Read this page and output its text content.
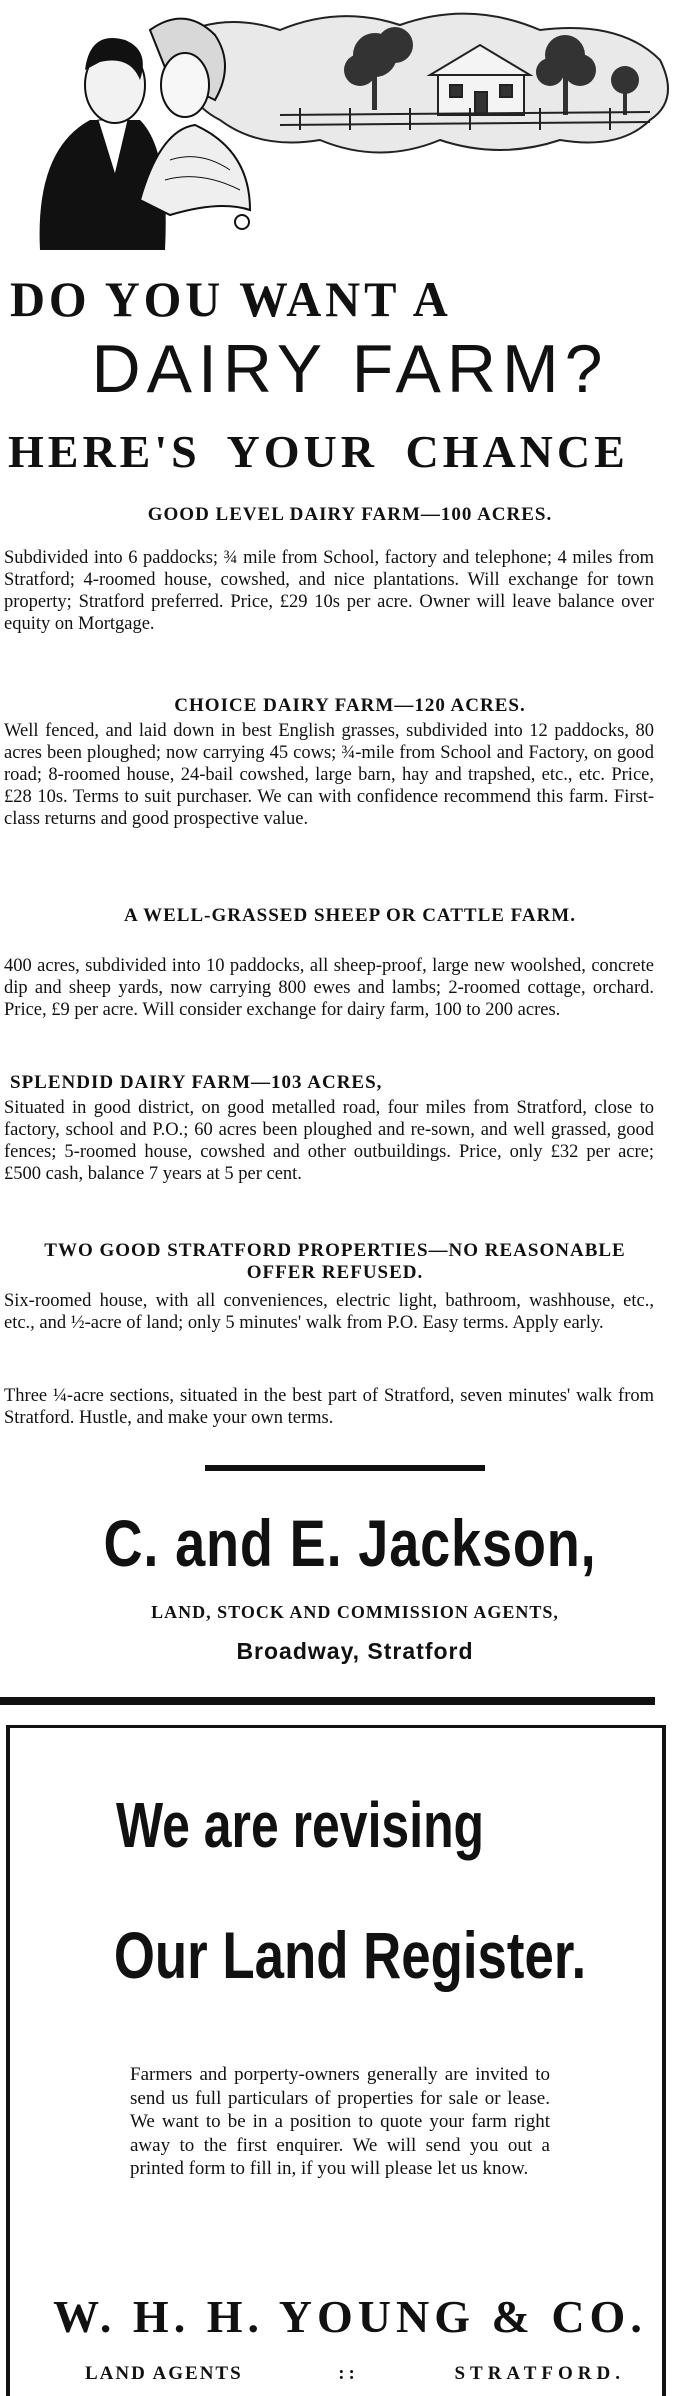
DO YOU WANT A
DAIRY FARM?
HERE'S YOUR CHANCE
GOOD LEVEL DAIRY FARM—100 ACRES.
Subdivided into 6 paddocks; ¾ mile from School, factory and telephone; 4 miles from Stratford; 4-roomed house, cowshed, and nice plantations. Will exchange for town property; Stratford preferred. Price, £29 10s per acre. Owner will leave balance over equity on Mortgage.
CHOICE DAIRY FARM—120 ACRES.
Well fenced, and laid down in best English grasses, subdivided into 12 paddocks, 80 acres been ploughed; now carrying 45 cows; ¾-mile from School and Factory, on good road; 8-roomed house, 24-bail cowshed, large barn, hay and trapshed, etc., etc. Price, £28 10s. Terms to suit purchaser. We can with confidence recommend this farm. First-class returns and good prospective value.
A WELL-GRASSED SHEEP OR CATTLE FARM.
400 acres, subdivided into 10 paddocks, all sheep-proof, large new woolshed, concrete dip and sheep yards, now carrying 800 ewes and lambs; 2-roomed cottage, orchard. Price, £9 per acre. Will consider exchange for dairy farm, 100 to 200 acres.
SPLENDID DAIRY FARM—103 ACRES,
Situated in good district, on good metalled road, four miles from Stratford, close to factory, school and P.O.; 60 acres been ploughed and re-sown, and well grassed, good fences; 5-roomed house, cowshed and other outbuildings. Price, only £32 per acre; £500 cash, balance 7 years at 5 per cent.
TWO GOOD STRATFORD PROPERTIES—NO REASONABLE OFFER REFUSED.
Six-roomed house, with all conveniences, electric light, bathroom, washhouse, etc., etc., and ½-acre of land; only 5 minutes' walk from P.O. Easy terms. Apply early.
Three ¼-acre sections, situated in the best part of Stratford, seven minutes' walk from Stratford. Hustle, and make your own terms.
C. and E. Jackson,
LAND, STOCK AND COMMISSION AGENTS,
Broadway, Stratford
We are revising
Our Land Register.
Farmers and porperty-owners generally are invited to send us full particulars of properties for sale or lease. We want to be in a position to quote your farm right away to the first enquirer. We will send you out a printed form to fill in, if you will please let us know.
W. H. H. YOUNG & CO.
LAND AGENTS	::	STRATFORD.
